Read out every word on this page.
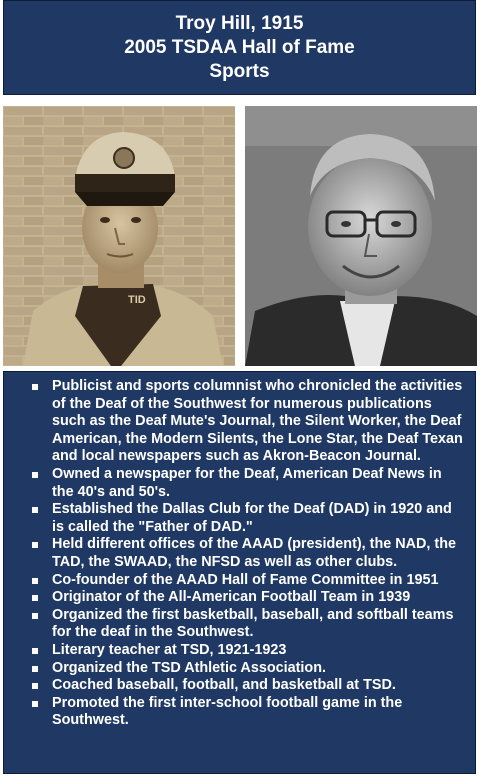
Troy Hill, 1915
2005 TSDAA Hall of Fame
Sports
TID
Publicist and sports columnist who chronicled the activities of the Deaf of the Southwest for numerous publications such as the Deaf Mute's Journal, the Silent Worker, the Deaf American, the Modern Silents, the Lone Star, the Deaf Texan and local newspapers such as Akron-Beacon Journal.
Owned a newspaper for the Deaf, American Deaf News in the 40's and 50's.
Established the Dallas Club for the Deaf (DAD) in 1920 and is called the "Father of DAD."
Held different offices of the AAAD (president), the NAD, the TAD, the SWAAD, the NFSD as well as other clubs.
Co-founder of the AAAD Hall of Fame Committee in 1951
Originator of the All-American Football Team in 1939
Organized the first basketball, baseball, and softball teams for the deaf in the Southwest.
Literary teacher at TSD, 1921-1923
Organized the TSD Athletic Association.
Coached baseball, football, and basketball at TSD.
Promoted the first inter-school football game in the Southwest.
